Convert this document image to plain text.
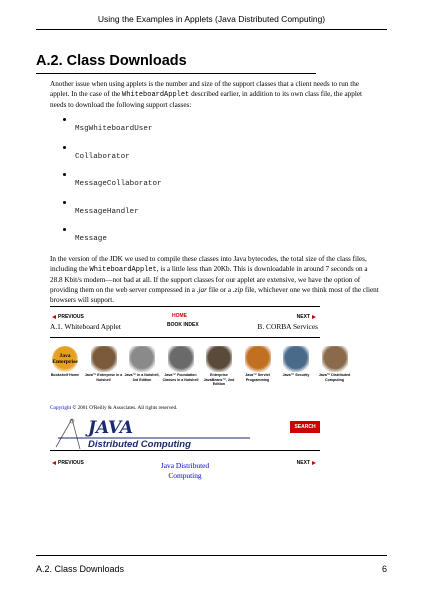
Using the Examples in Applets (Java Distributed Computing)
A.2. Class Downloads

Another issue when using applets is the number and size of the support classes that a client needs to run the applet. In the case of the WhiteboardApplet described earlier, in addition to its own class file, the applet needs to download the following support classes:

MsgWhiteboardUser
Collaborator
MessageCollaborator
MessageHandler
Message

In the version of the JDK we used to compile these classes into Java bytecodes, the total size of the class files, including the WhiteboardApplet, is a little less than 20Kb. This is downloadable in around 7 seconds on a 28.8 Kbit/s modem—not bad at all. If the support classes for our applet are extensive, we have the option of providing them on the web server compressed in a .jar file or a .zip file, whichever one we think most of the client browsers will support.

PREVIOUS	HOME
BOOK INDEX
NEXT
A.1. Whiteboard Applet	B. CORBA Services
Java Enterprise
Bookshelf Home	Java™ Enterprise in a Nutshell
Java™ in a Nutshell, 3rd Edition
Java™ Foundation Classes in a Nutshell
Enterprise JavaBeans™, 2nd Edition
Java™ Servlet Programming
Java™ Security	Java™ Distributed Computing
Copyright © 2001 O'Reilly & Associates. All rights reserved.
JAVA
Distributed Computing
SEARCH
PREVIOUS	Java Distributed
Computing
NEXT
A.2. Class Downloads	6
